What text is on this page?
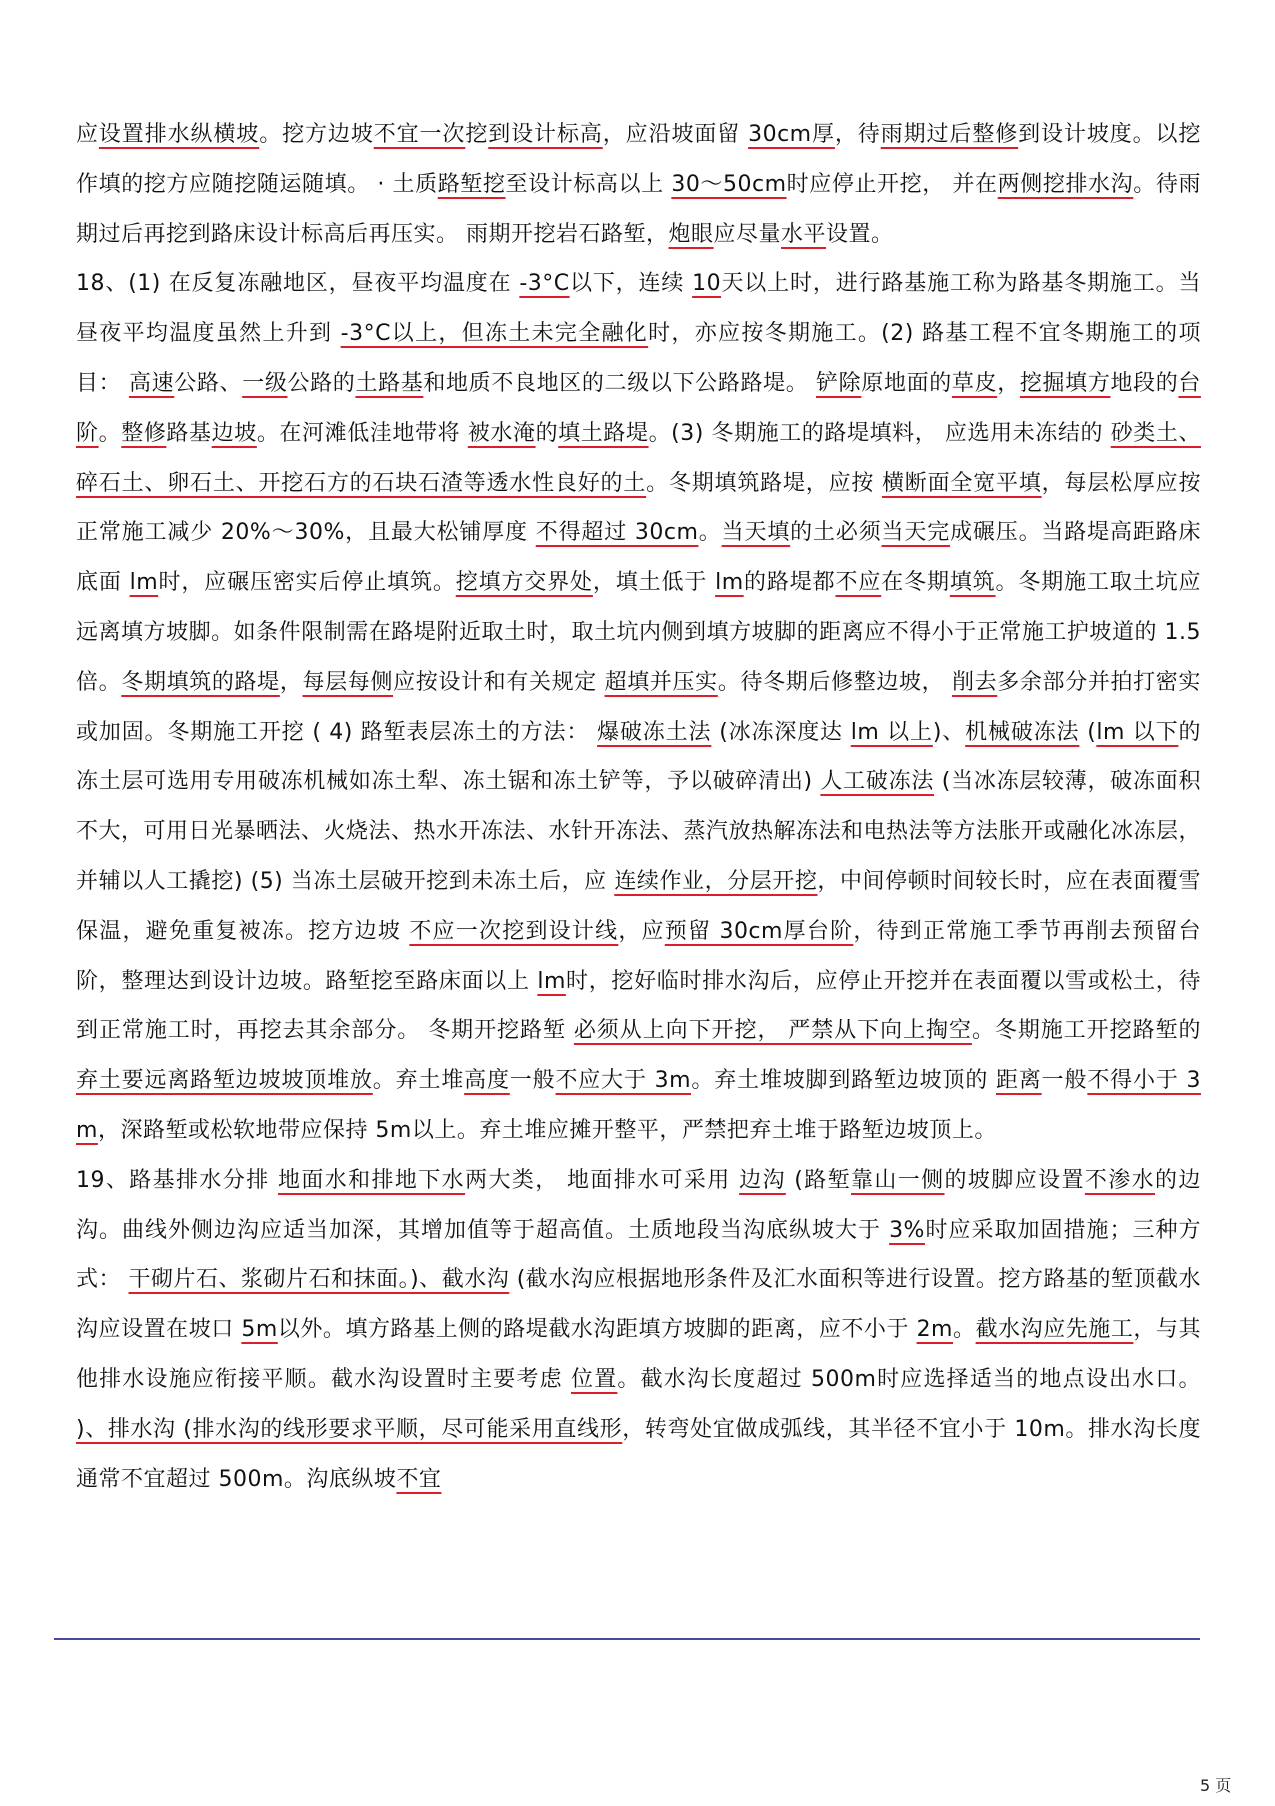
应设置排水纵横坡。挖方边坡不宜一次挖到设计标高，应沿坡面留 30cm厚，待雨期过后整修到设计坡度。以挖作填的挖方应随挖随运随填。 · 土质路堑挖至设计标高以上 30～50cm时应停止开挖， 并在两侧挖排水沟。待雨期过后再挖到路床设计标高后再压实。 雨期开挖岩石路堑，炮眼应尽量水平设置。
18、(1) 在反复冻融地区，昼夜平均温度在 -3°C以下，连续 10天以上时，进行路基施工称为路基冬期施工。当昼夜平均温度虽然上升到 -3°C以上，但冻土未完全融化时，亦应按冬期施工。(2) 路基工程不宜冬期施工的项目： 高速公路、一级公路的土路基和地质不良地区的二级以下公路路堤。 铲除原地面的草皮，挖掘填方地段的台阶。整修路基边坡。在河滩低洼地带将 被水淹的填土路堤。(3) 冬期施工的路堤填料， 应选用未冻结的 砂类土、碎石土、卵石土、开挖石方的石块石渣等透水性良好的土。冬期填筑路堤，应按 横断面全宽平填，每层松厚应按正常施工减少 20%～30%，且最大松铺厚度 不得超过 30cm。当天填的土必须当天完成碾压。当路堤高距路床底面 lm时，应碾压密实后停止填筑。挖填方交界处，填土低于 lm的路堤都不应在冬期填筑。冬期施工取土坑应远离填方坡脚。如条件限制需在路堤附近取土时，取土坑内侧到填方坡脚的距离应不得小于正常施工护坡道的 1.5 倍。冬期填筑的路堤，每层每侧应按设计和有关规定 超填并压实。待冬期后修整边坡， 削去多余部分并拍打密实或加固。冬期施工开挖 ( 4) 路堑表层冻土的方法： 爆破冻土法 (冰冻深度达 lm 以上)、机械破冻法 (lm 以下的冻土层可选用专用破冻机械如冻土犁、冻土锯和冻土铲等，予以破碎清出) 人工破冻法 (当冰冻层较薄，破冻面积不大，可用日光暴晒法、火烧法、热水开冻法、水针开冻法、蒸汽放热解冻法和电热法等方法胀开或融化冰冻层，并辅以人工撬挖) (5) 当冻土层破开挖到未冻土后，应 连续作业，分层开挖，中间停顿时间较长时，应在表面覆雪保温，避免重复被冻。挖方边坡 不应一次挖到设计线，应预留 30cm厚台阶，待到正常施工季节再削去预留台阶，整理达到设计边坡。路堑挖至路床面以上 lm时，挖好临时排水沟后，应停止开挖并在表面覆以雪或松土，待到正常施工时，再挖去其余部分。 冬期开挖路堑 必须从上向下开挖， 严禁从下向上掏空。冬期施工开挖路堑的 弃土要远离路堑边坡坡顶堆放。弃土堆高度一般不应大于 3m。弃土堆坡脚到路堑边坡顶的 距离一般不得小于 3m，深路堑或松软地带应保持 5m以上。弃土堆应摊开整平，严禁把弃土堆于路堑边坡顶上。
19、路基排水分排 地面水和排地下水两大类， 地面排水可采用 边沟 (路堑靠山一侧的坡脚应设置不渗水的边沟。曲线外侧边沟应适当加深，其增加值等于超高值。土质地段当沟底纵坡大于 3%时应采取加固措施；三种方式： 干砌片石、浆砌片石和抹面。)、截水沟 (截水沟应根据地形条件及汇水面积等进行设置。挖方路基的堑顶截水沟应设置在坡口 5m以外。填方路基上侧的路堤截水沟距填方坡脚的距离，应不小于 2m。截水沟应先施工，与其他排水设施应衔接平顺。截水沟设置时主要考虑 位置。截水沟长度超过 500m时应选择适当的地点设出水口。 )、排水沟 (排水沟的线形要求平顺，尽可能采用直线形，转弯处宜做成弧线，其半径不宜小于 10m。排水沟长度通常不宜超过 500m。沟底纵坡不宜
5 页
